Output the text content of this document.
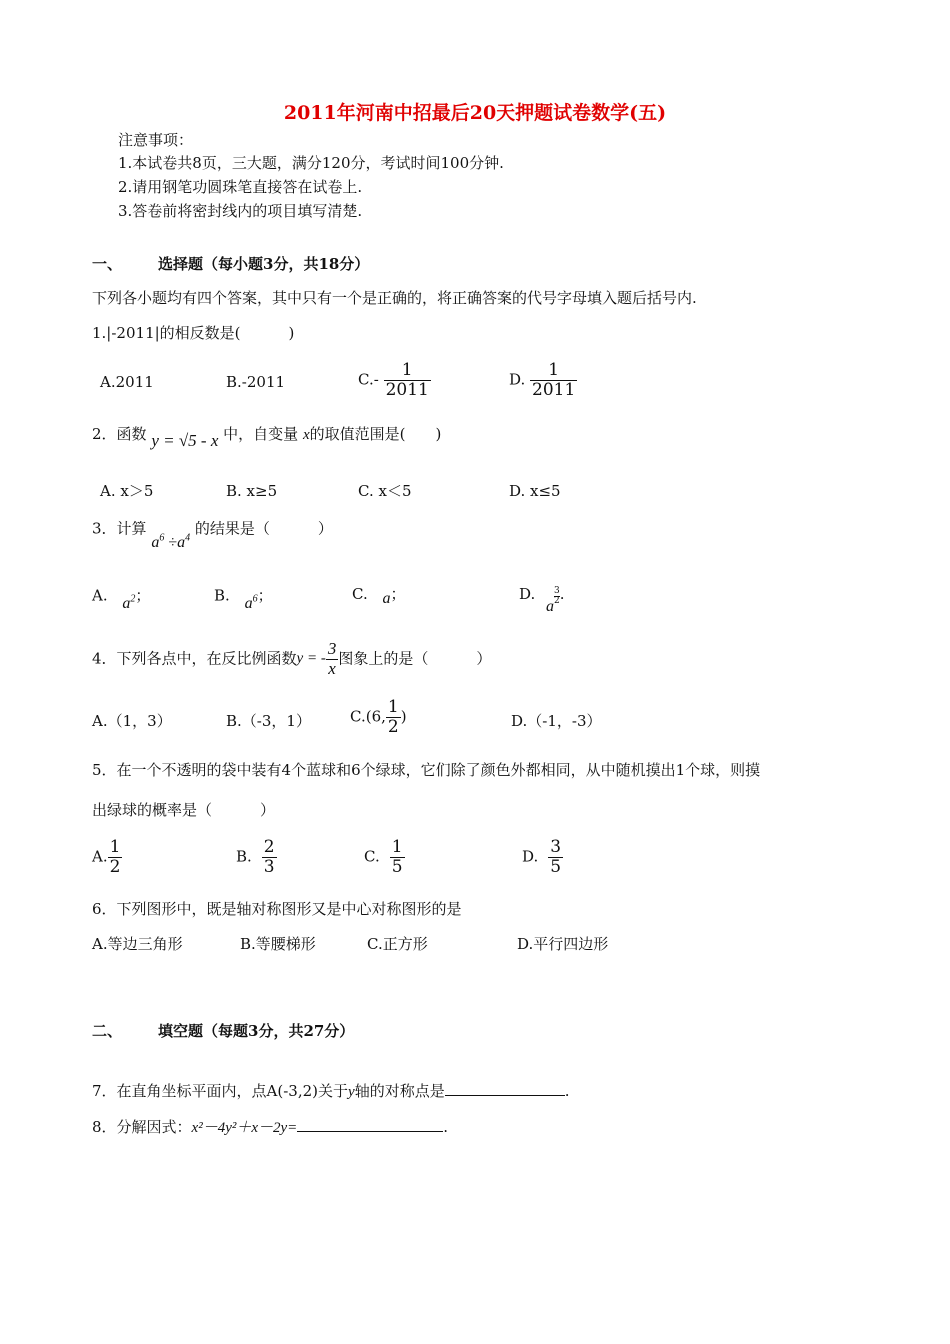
2011年河南中招最后20天押题试卷数学(五)
注意事项：
1.本试卷共8页，三大题，满分120分，考试时间100分钟.
2.请用钢笔功圆珠笔直接答在试卷上.
3.答卷前将密封线内的项目填写清楚.
一、 选择题（每小题3分，共18分）
下列各小题均有四个答案，其中只有一个是正确的，将正确答案的代号字母填入题后括号内.
1.|-2011|的相反数是(	)
A.2011	B.-2011	$C.- \frac{1}{2011}$	D. $\frac{1}{2011}$
2．函数 y = √5 - x 中，自变量 x的取值范围是( )
A. x＞5	B. x≥5	C. x＜5	D. x≤5
3．计算 $a^6 \div a^4$ 的结果是（	）
A. $a^2$；	B. $a^6$；	C. a；	D. a
$\frac{3}{2}$ .
4．下列各点中，在反比例函数y = - $\frac{3}{x}$ 图象上的是（	）
A.（1，3）	B.（-3，1）	C.(6, $\frac{1}{2}$ )	D.（-1，-3）
5．在一个不透明的袋中装有4个蓝球和6个绿球，它们除了颜色外都相同，从中随机摸出1个球，则摸
出绿球的概率是（	）
A. $\frac{1}{2}$	B. $\frac{2}{3}$	C. $\frac{1}{5}$	D. $\frac{3}{5}$
6．下列图形中，既是轴对称图形又是中心对称图形的是
A.等边三角形	B.等腰梯形	C.正方形	D.平行四边形
二、 填空题（每题3分，共27分）
7．在直角坐标平面内，点A(-3,2)关于y轴的对称点是	.
8．分解因式：x²－4y²＋x－2y=	.
